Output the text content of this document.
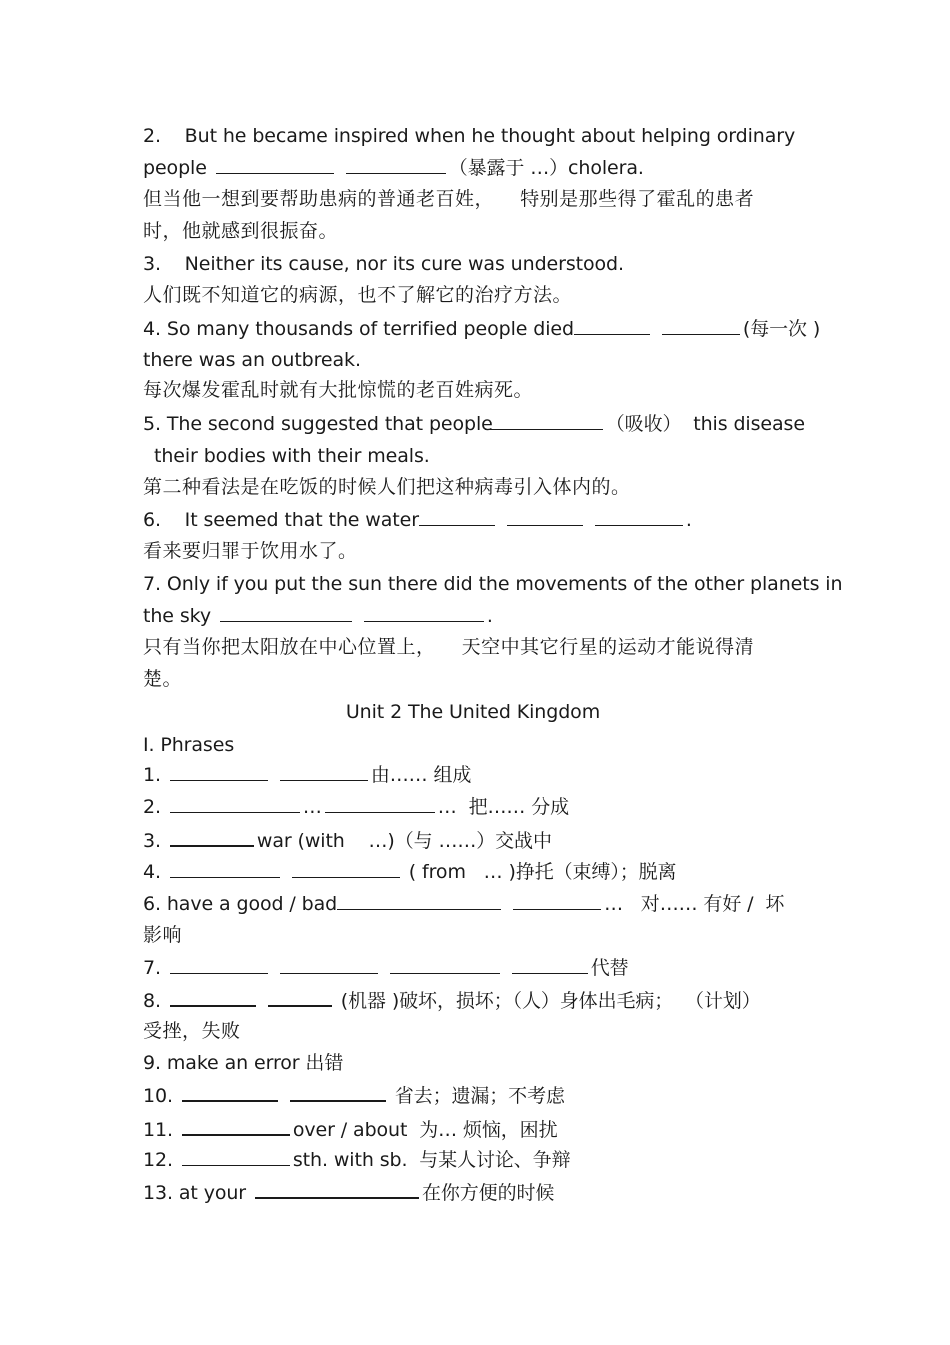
2.    But he became inspired when he thought about helping ordinary
people	（暴露于 …）cholera.
但当他一想到要帮助患病的普通老百姓，    特别是那些得了霍乱的患者
时，他就感到很振奋。
3.    Neither its cause, nor its cure was understood.
人们既不知道它的病源，也不了解它的治疗方法。
4. So many thousands of terrified people died	(每一次 )
there was an outbreak.
每次爆发霍乱时就有大批惊慌的老百姓病死。
5. The second suggested that people	（吸收）  this disease
their bodies with their meals.
第二种看法是在吃饭的时候人们把这种病毒引入体内的。
6.    It seemed that the water	.
看来要归罪于饮用水了。
7. Only if you put the sun there did the movements of the other planets in
the sky	.
只有当你把太阳放在中心位置上，    天空中其它行星的运动才能说得清
楚。
Unit 2 The United Kingdom
I. Phrases
1.	由…… 组成
2.	…	…  把…… 分成
3.	war (with    …)（与 ……）交战中
4.	( from   … )挣托（束缚）；脱离
6. have a good / bad	…   对…… 有好 /  坏
影响
7.	代替
8.	(机器 )破坏，损坏；（人）身体出毛病；  （计划）
受挫，失败
9. make an error 出错
10.	省去；遗漏；不考虑
11.	over / about  为… 烦恼，困扰
12.	sth. with sb.  与某人讨论、争辩
13. at your	在你方便的时候
